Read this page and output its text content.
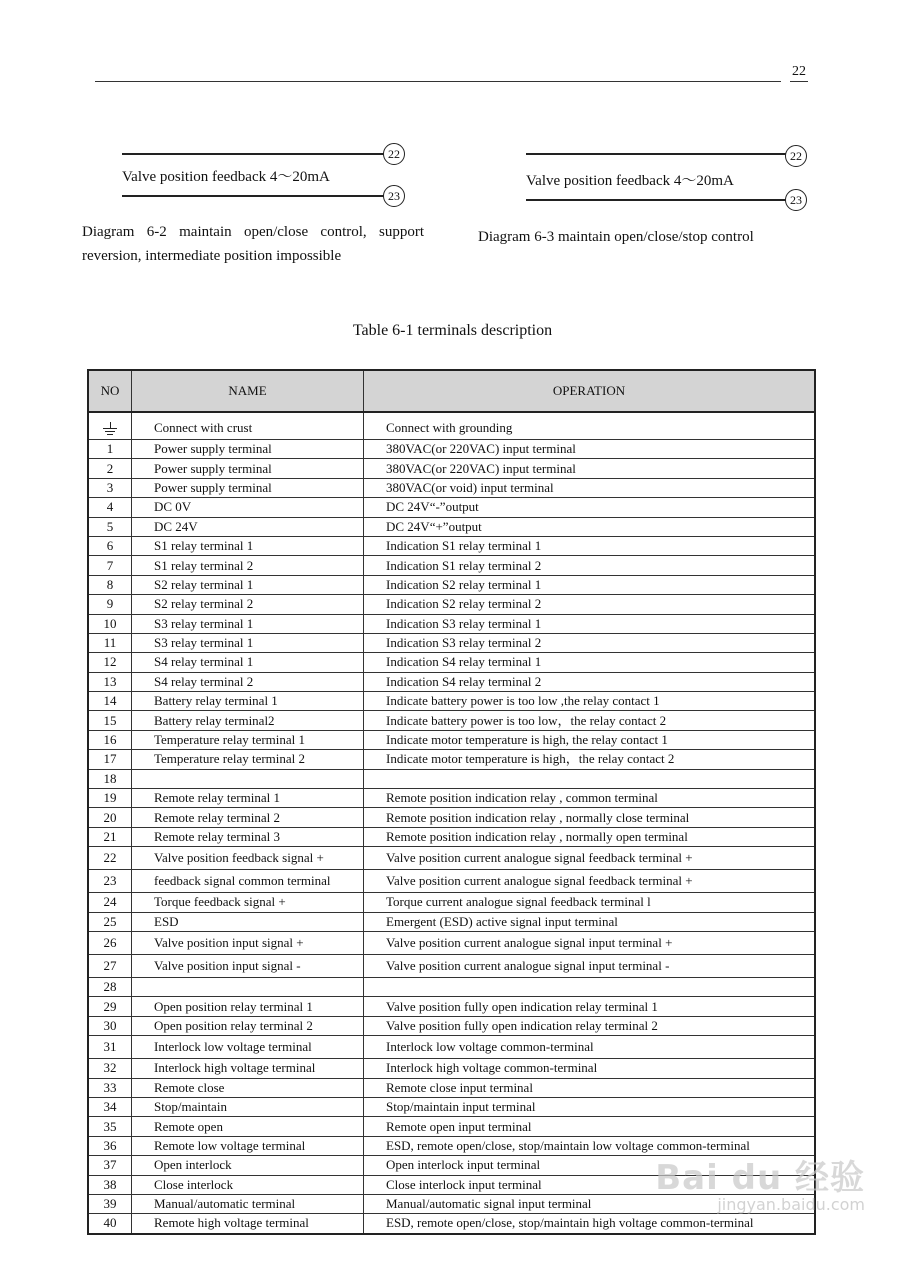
22
22
Valve position feedback 4～20mA
23
Diagram 6-2 maintain open/close control, support reversion, intermediate position impossible
22
Valve position feedback 4～20mA
23
Diagram 6-3 maintain open/close/stop control
Table 6-1 terminals description
NO	NAME	OPERATION

	Connect with crust	Connect with grounding
1	Power supply terminal	380VAC(or 220VAC) input terminal
2	Power supply terminal	380VAC(or 220VAC) input terminal
3	Power supply terminal	380VAC(or void) input terminal
4	DC 0V	DC 24V“-”output
5	DC 24V	DC 24V“+”output
6	S1 relay terminal 1	Indication S1 relay terminal 1
7	S1 relay terminal 2	Indication S1 relay terminal 2
8	S2 relay terminal 1	Indication S2 relay terminal 1
9	S2 relay terminal 2	Indication S2 relay terminal 2
10	S3 relay terminal 1	Indication S3 relay terminal 1
11	S3 relay terminal 1	Indication S3 relay terminal 2
12	S4 relay terminal 1	Indication S4 relay terminal 1
13	S4 relay terminal 2	Indication S4 relay terminal 2
14	Battery relay terminal 1	Indicate battery power is too low ,the relay contact 1
15	Battery relay terminal2	Indicate battery power is too low，the relay contact 2
16	Temperature relay terminal 1	Indicate motor temperature is high, the relay contact 1
17	Temperature relay terminal 2	Indicate motor temperature is high，the relay contact 2
18		
19	Remote relay terminal 1	Remote position indication relay , common terminal
20	Remote relay terminal 2	Remote position indication relay , normally close terminal
21	Remote relay terminal 3	Remote position indication relay , normally open terminal
22	Valve position feedback signal +	Valve position current analogue signal feedback terminal +
23	feedback signal common terminal	Valve position current analogue signal feedback terminal +
24	Torque feedback signal +	Torque current analogue signal feedback terminal l
25	ESD	Emergent (ESD) active signal input terminal
26	Valve position input signal +	Valve position current analogue signal input terminal +
27	Valve position input signal -	Valve position current analogue signal input terminal -
28		
29	Open position relay terminal 1	Valve position fully open indication relay terminal 1
30	Open position relay terminal 2	Valve position fully open indication relay terminal 2
31	Interlock low voltage terminal	Interlock low voltage common-terminal
32	Interlock high voltage terminal	Interlock high voltage common-terminal
33	Remote close	Remote close input terminal
34	Stop/maintain	Stop/maintain input terminal
35	Remote open	Remote open input terminal
36	Remote low voltage terminal	ESD, remote open/close, stop/maintain low voltage common-terminal
37	Open interlock	Open interlock input terminal
38	Close interlock	Close interlock input terminal
39	Manual/automatic terminal	Manual/automatic signal input terminal
40	Remote high voltage terminal	ESD, remote open/close, stop/maintain high voltage common-terminal
Bai du 经验
jingyan.baidu.com
